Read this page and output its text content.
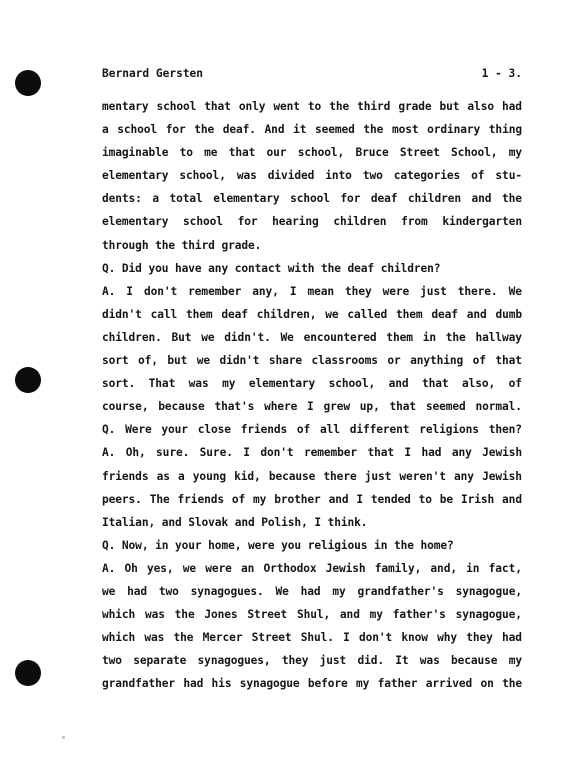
Bernard Gersten	1 - 3.
mentary school that only went to the third grade but also had
a school for the deaf. And it seemed the most ordinary thing
imaginable to me that our school, Bruce Street School, my
elementary school, was divided into two categories of stu-
dents: a total elementary school for deaf children and the
elementary school for hearing children from kindergarten
through the third grade.
Q. Did you have any contact with the deaf children?
A. I don't remember any, I mean they were just there. We
didn't call them deaf children, we called them deaf and dumb
children. But we didn't. We encountered them in the hallway
sort of, but we didn't share classrooms or anything of that
sort. That was my elementary school, and that also, of
course, because that's where I grew up, that seemed normal.
Q. Were your close friends of all different religions then?
A. Oh, sure. Sure. I don't remember that I had any Jewish
friends as a young kid, because there just weren't any Jewish
peers. The friends of my brother and I tended to be Irish and
Italian, and Slovak and Polish, I think.
Q. Now, in your home, were you religious in the home?
A. Oh yes, we were an Orthodox Jewish family, and, in fact,
we had two synagogues. We had my grandfather's synagogue,
which was the Jones Street Shul, and my father's synagogue,
which was the Mercer Street Shul. I don't know why they had
two separate synagogues, they just did. It was because my
grandfather had his synagogue before my father arrived on the
